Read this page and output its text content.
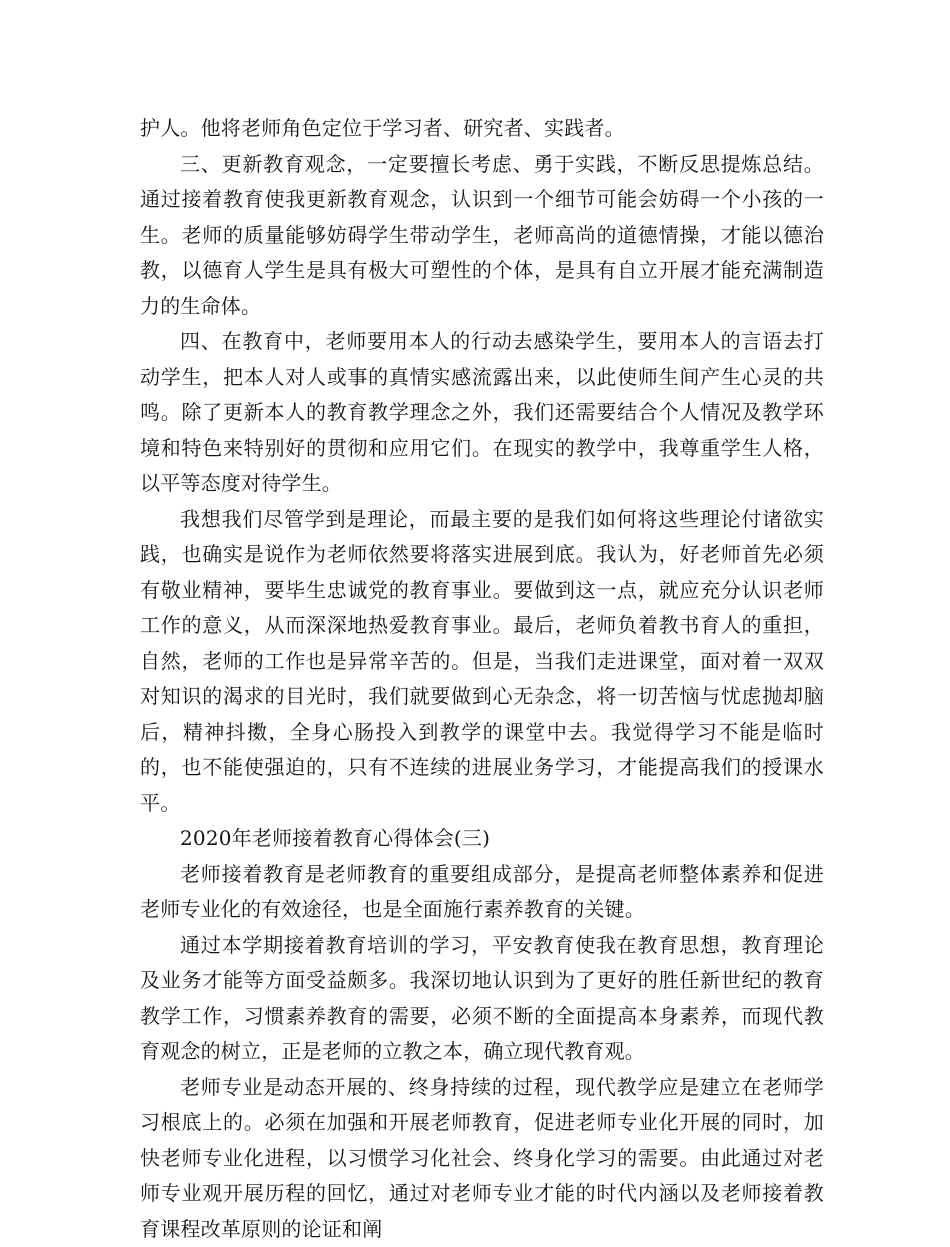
护人。他将老师角色定位于学习者、研究者、实践者。

三、更新教育观念，一定要擅长考虑、勇于实践，不断反思提炼总结。通过接着教育使我更新教育观念，认识到一个细节可能会妨碍一个小孩的一生。老师的质量能够妨碍学生带动学生，老师高尚的道德情操，才能以德治教，以德育人学生是具有极大可塑性的个体，是具有自立开展才能充满制造力的生命体。

四、在教育中，老师要用本人的行动去感染学生，要用本人的言语去打动学生，把本人对人或事的真情实感流露出来，以此使师生间产生心灵的共鸣。除了更新本人的教育教学理念之外，我们还需要结合个人情况及教学环境和特色来特别好的贯彻和应用它们。在现实的教学中，我尊重学生人格，以平等态度对待学生。

我想我们尽管学到是理论，而最主要的是我们如何将这些理论付诸欲实践，也确实是说作为老师依然要将落实进展到底。我认为，好老师首先必须有敬业精神，要毕生忠诚党的教育事业。要做到这一点，就应充分认识老师工作的意义，从而深深地热爱教育事业。最后，老师负着教书育人的重担，自然，老师的工作也是异常辛苦的。但是，当我们走进课堂，面对着一双双对知识的渴求的目光时，我们就要做到心无杂念，将一切苦恼与忧虑抛却脑后，精神抖擞，全身心肠投入到教学的课堂中去。我觉得学习不能是临时的，也不能使强迫的，只有不连续的进展业务学习，才能提高我们的授课水平。

2020年老师接着教育心得体会(三)

老师接着教育是老师教育的重要组成部分，是提高老师整体素养和促进老师专业化的有效途径，也是全面施行素养教育的关键。

通过本学期接着教育培训的学习，平安教育使我在教育思想，教育理论及业务才能等方面受益颇多。我深切地认识到为了更好的胜任新世纪的教育教学工作，习惯素养教育的需要，必须不断的全面提高本身素养，而现代教育观念的树立，正是老师的立教之本，确立现代教育观。

老师专业是动态开展的、终身持续的过程，现代教学应是建立在老师学习根底上的。必须在加强和开展老师教育，促进老师专业化开展的同时，加快老师专业化进程，以习惯学习化社会、终身化学习的需要。由此通过对老师专业观开展历程的回忆，通过对老师专业才能的时代内涵以及老师接着教育课程改革原则的论证和阐
